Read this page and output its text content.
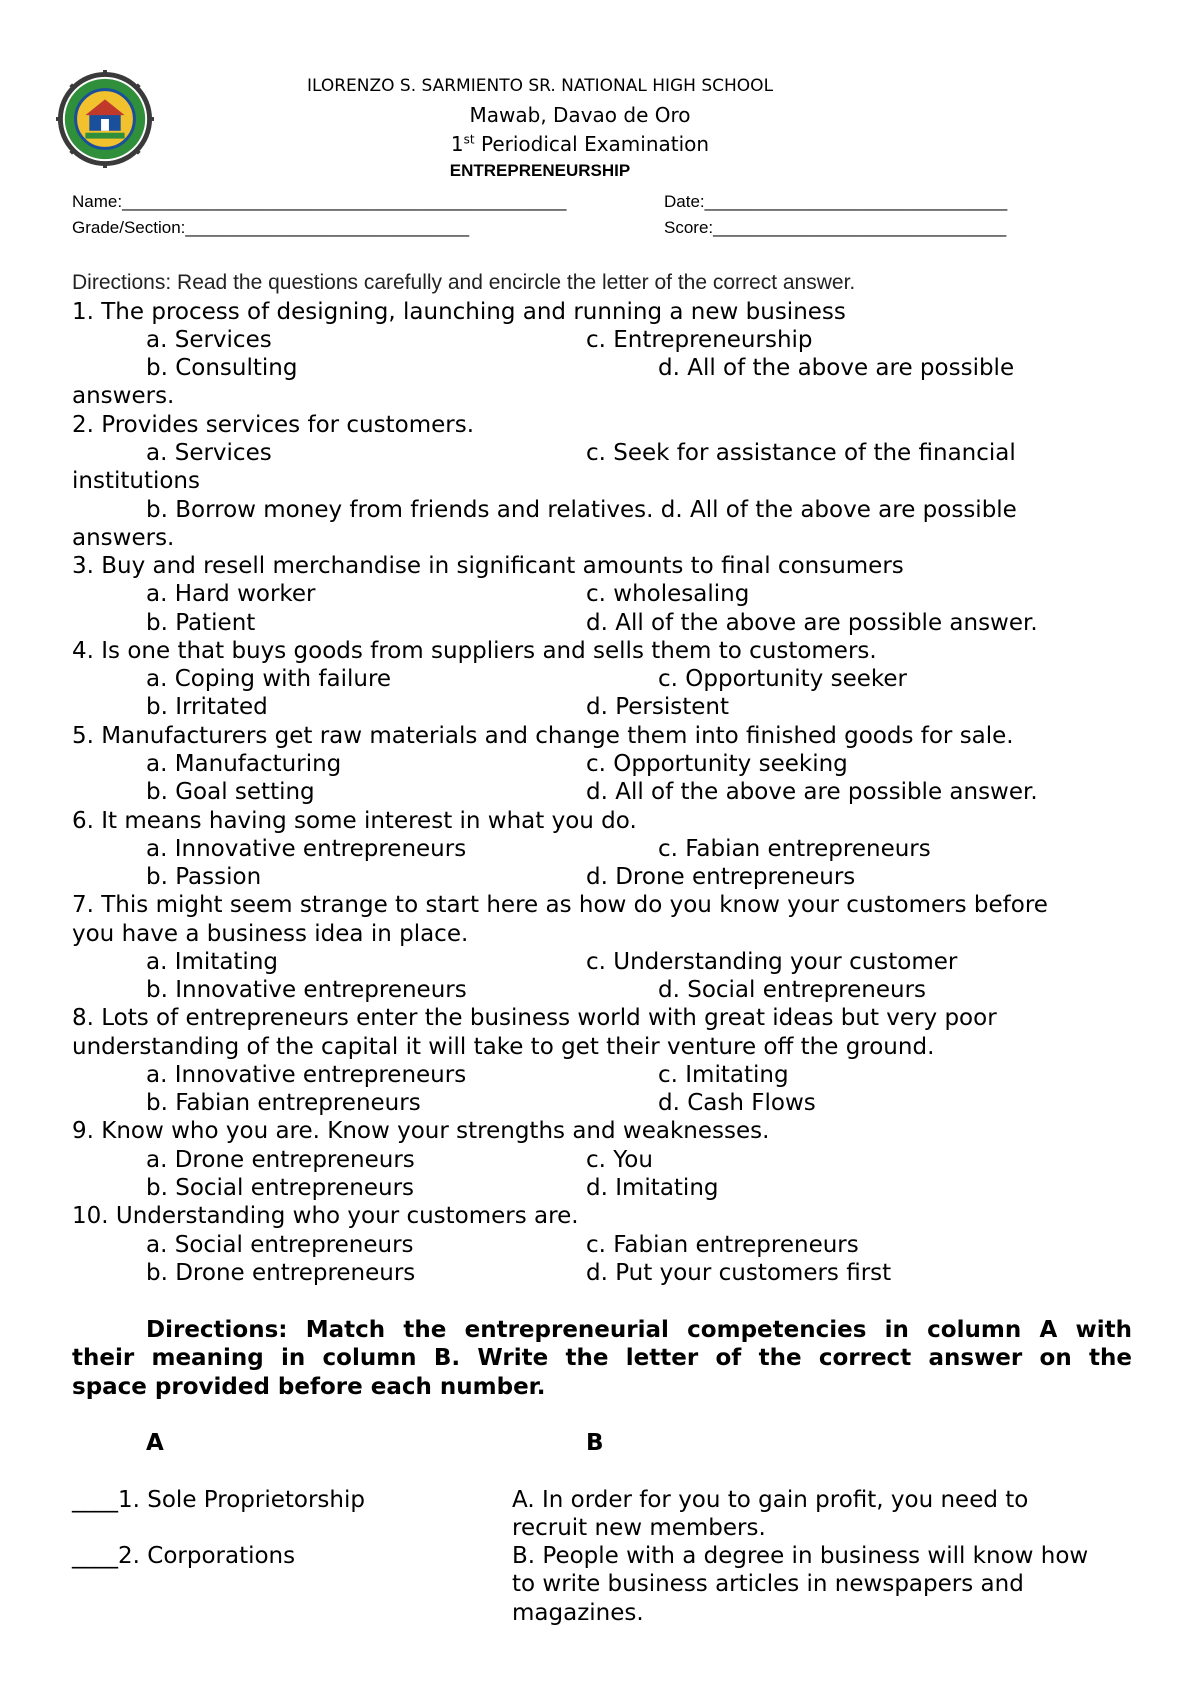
ILORENZO S. SARMIENTO SR. NATIONAL HIGH SCHOOL
Mawab, Davao de Oro
1st Periodical Examination
ENTREPRENEURSHIP
Name:_______________________________________________	Date:________________________________
Grade/Section:______________________________	Score:_______________________________
Directions: Read the questions carefully and encircle the letter of the correct answer.
1. The process of designing, launching and running a new business
a. Services	c. Entrepreneurship
b. Consulting	d. All of the above are possible
answers.
2. Provides services for customers.
a. Services	c. Seek for assistance of the financial
institutions
b. Borrow money from friends and relatives. d. All of the above are possible
answers.
3. Buy and resell merchandise in significant amounts to final consumers
a. Hard worker	c. wholesaling
b. Patient	d. All of the above are possible answer.
4. Is one that buys goods from suppliers and sells them to customers.
a. Coping with failure	c. Opportunity seeker
b. Irritated	d. Persistent
5. Manufacturers get raw materials and change them into finished goods for sale.
a. Manufacturing	c. Opportunity seeking
b. Goal setting	d. All of the above are possible answer.
6. It means having some interest in what you do.
a. Innovative entrepreneurs	c. Fabian entrepreneurs
b. Passion	d. Drone entrepreneurs
7. This might seem strange to start here as how do you know your customers before
you have a business idea in place.
a. Imitating	c. Understanding your customer
b. Innovative entrepreneurs	d. Social entrepreneurs
8. Lots of entrepreneurs enter the business world with great ideas but very poor
understanding of the capital it will take to get their venture off the ground.
a. Innovative entrepreneurs	c. Imitating
b. Fabian entrepreneurs	d. Cash Flows
9. Know who you are. Know your strengths and weaknesses.
a. Drone entrepreneurs	c. You
b. Social entrepreneurs	d. Imitating
10. Understanding who your customers are.
a. Social entrepreneurs	c. Fabian entrepreneurs
b. Drone entrepreneurs	d. Put your customers first
Directions: Match the entrepreneurial competencies in column A with
their meaning in column B. Write the letter of the correct answer on the
space provided before each number.
A	B
____1. Sole Proprietorship	A. In order for you to gain profit, you need to
recruit new members.
____2. Corporations	B. People with a degree in business will know how
to write business articles in newspapers and
magazines.
